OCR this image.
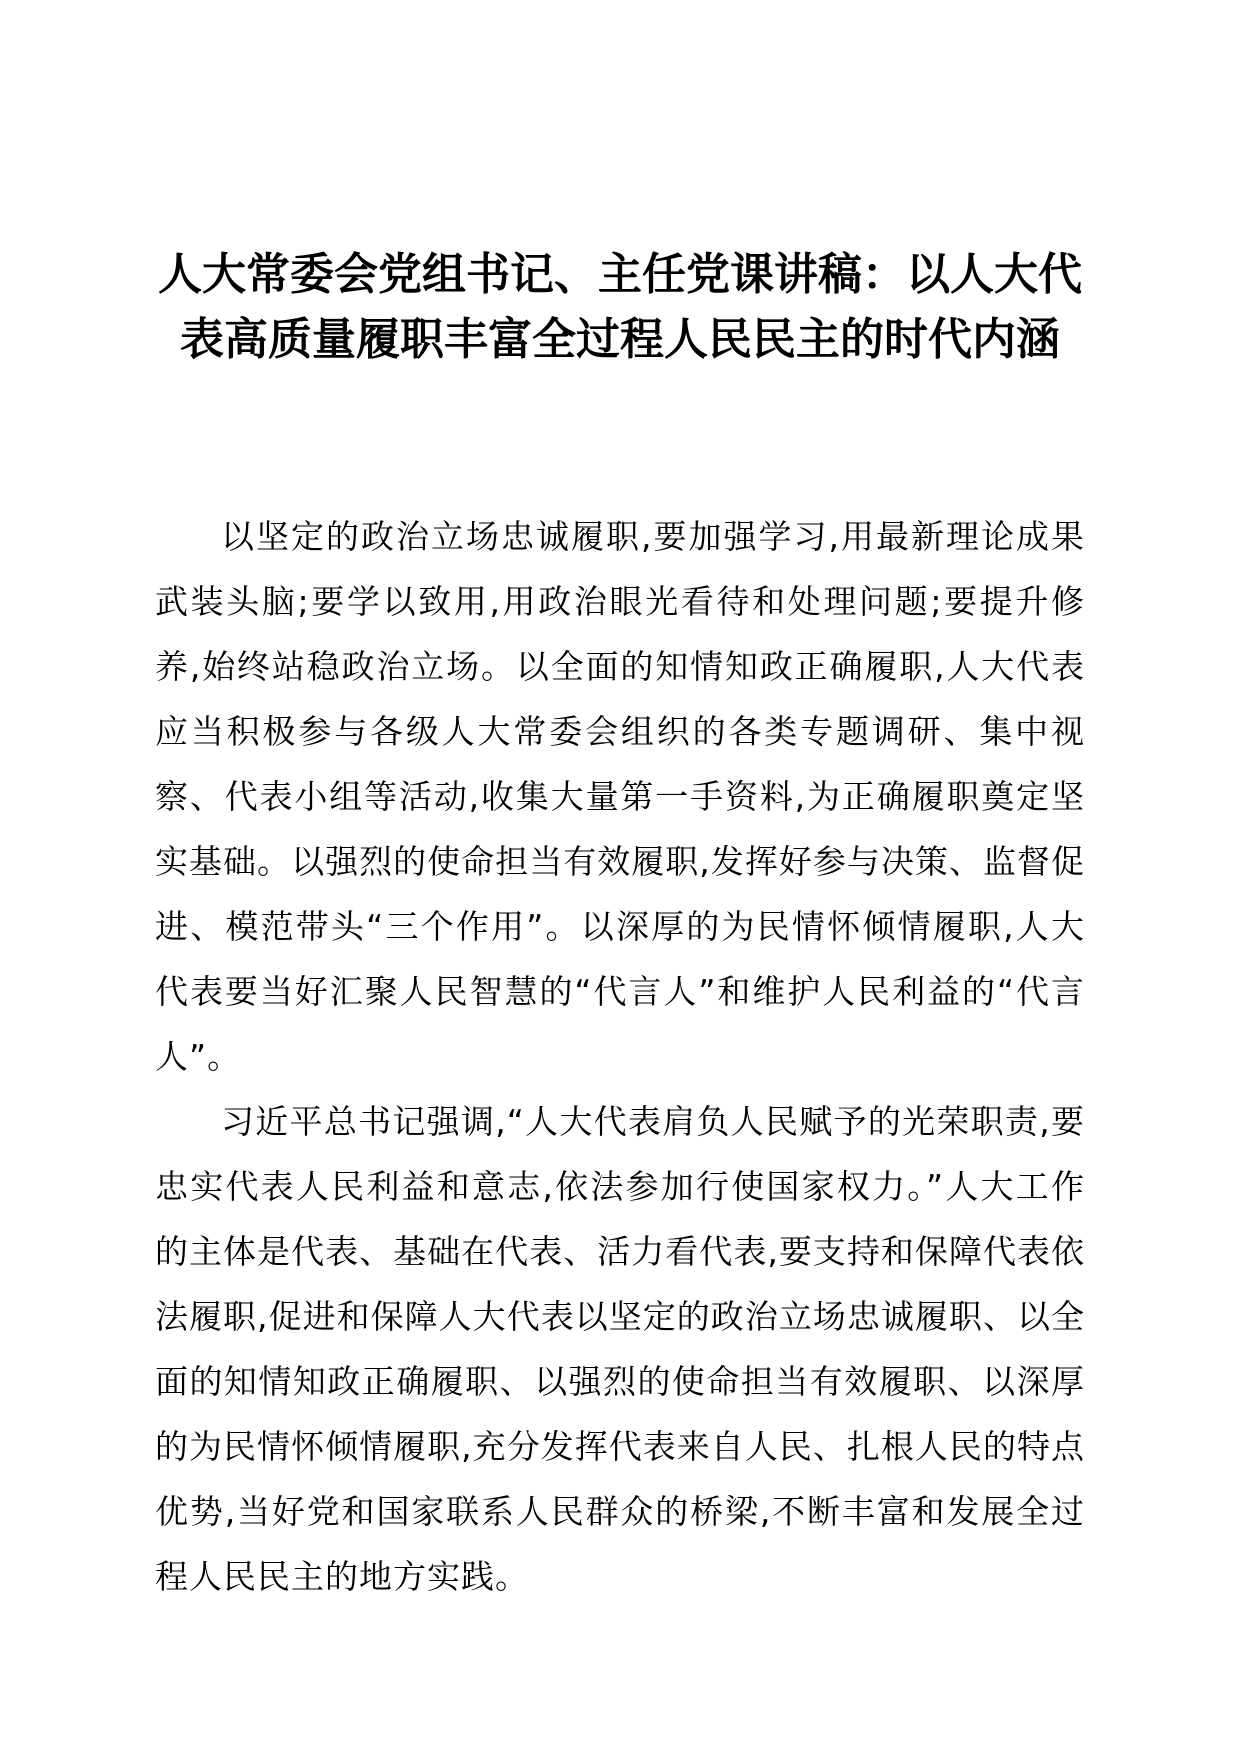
人大常委会党组书记、主任党课讲稿：以人大代表高质量履职丰富全过程人民民主的时代内涵

以坚定的政治立场忠诚履职,要加强学习,用最新理论成果武装头脑;要学以致用,用政治眼光看待和处理问题;要提升修养,始终站稳政治立场。以全面的知情知政正确履职,人大代表应当积极参与各级人大常委会组织的各类专题调研、集中视察、代表小组等活动,收集大量第一手资料,为正确履职奠定坚实基础。以强烈的使命担当有效履职,发挥好参与决策、监督促进、模范带头“三个作用”。以深厚的为民情怀倾情履职,人大代表要当好汇聚人民智慧的“代言人”和维护人民利益的“代言人”。

习近平总书记强调,“人大代表肩负人民赋予的光荣职责,要忠实代表人民利益和意志,依法参加行使国家权力。”人大工作的主体是代表、基础在代表、活力看代表,要支持和保障代表依法履职,促进和保障人大代表以坚定的政治立场忠诚履职、以全面的知情知政正确履职、以强烈的使命担当有效履职、以深厚的为民情怀倾情履职,充分发挥代表来自人民、扎根人民的特点优势,当好党和国家联系人民群众的桥梁,不断丰富和发展全过程人民民主的地方实践。
